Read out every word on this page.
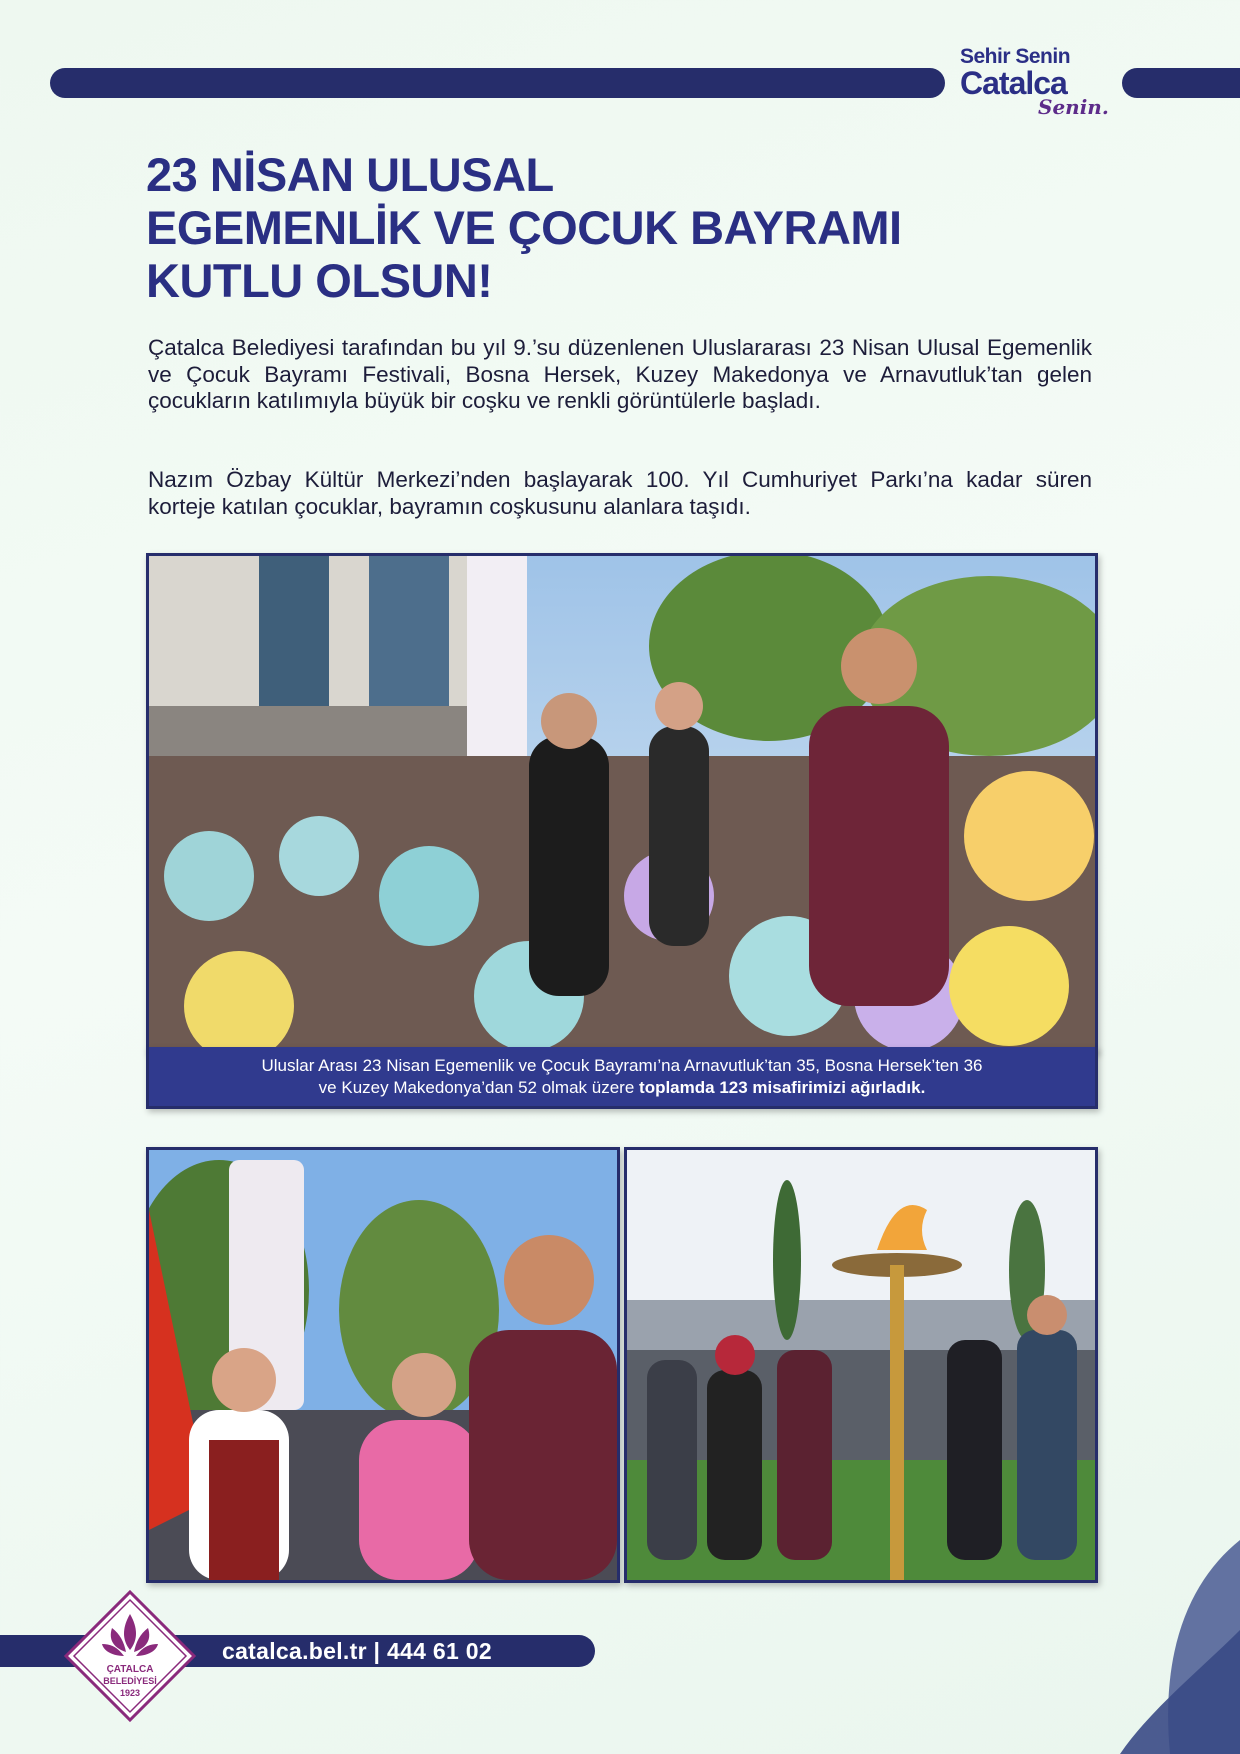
Sehir Senin
Catalca
Senin.
23 NİSAN ULUSAL
EGEMENLİK VE ÇOCUK BAYRAMI
KUTLU OLSUN!

Çatalca Belediyesi tarafından bu yıl 9.’su düzenlenen Uluslararası 23 Nisan Ulusal Egemenlik ve Çocuk Bayramı Festivali, Bosna Hersek, Kuzey Makedonya ve Arnavutluk’tan gelen çocukların katılımıyla büyük bir coşku ve renkli görüntülerle başladı.

Nazım Özbay Kültür Merkezi’nden başlayarak 100. Yıl Cumhuriyet Parkı’na kadar süren korteje katılan çocuklar, bayramın coşkusunu alanlara taşıdı.

Uluslar Arası 23 Nisan Egemenlik ve Çocuk Bayramı’na Arnavutluk’tan 35, Bosna Hersek’ten 36
ve Kuzey Makedonya’dan 52 olmak üzere toplamda 123 misafirimizi ağırladık.
catalca.bel.tr | 444 61 02
ÇATALCA
BELEDİYESİ
1923
